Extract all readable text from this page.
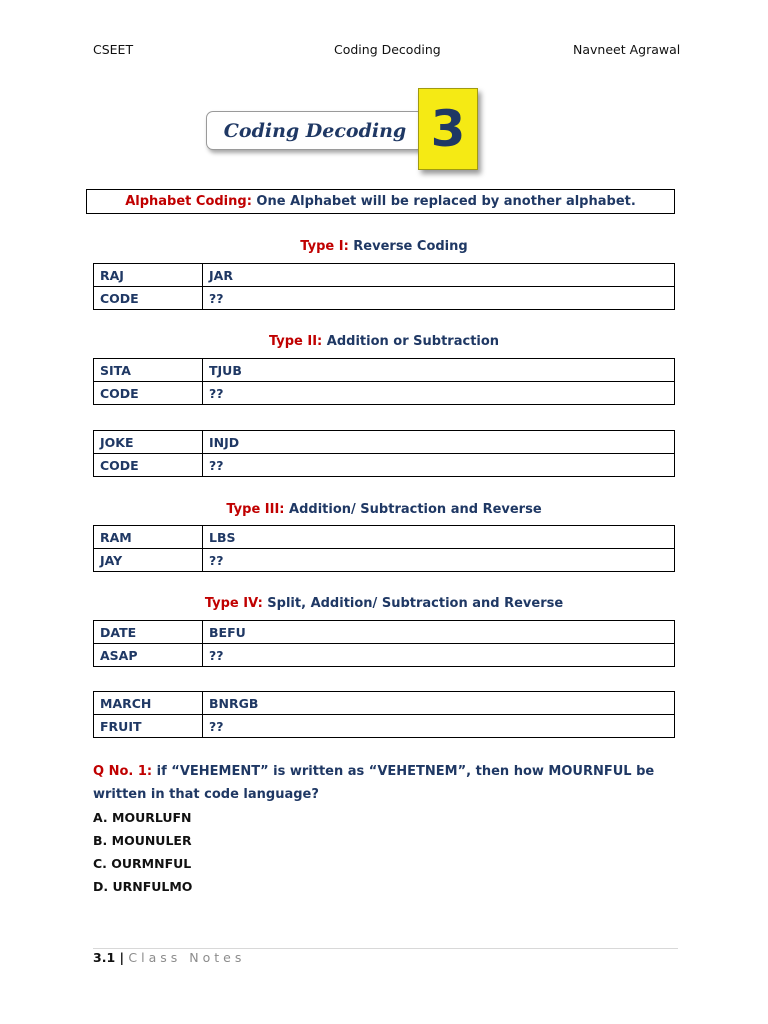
CSEET	Coding Decoding	Navneet Agrawal
Coding Decoding 3
Alphabet Coding: One Alphabet will be replaced by another alphabet.
Type I: Reverse Coding
RAJ	JAR
CODE	??
Type II: Addition or Subtraction
SITA	TJUB
CODE	??
JOKE	INJD
CODE	??
Type III: Addition/ Subtraction and Reverse
RAM	LBS
JAY	??
Type IV: Split, Addition/ Subtraction and Reverse
DATE	BEFU
ASAP	??
MARCH	BNRGB
FRUIT	??
Q No. 1: if “VEHEMENT” is written as “VEHETNEM”, then how MOURNFUL be written in that code language?
A. MOURLUFN
B. MOUNULER
C. OURMNFUL
D. URNFULMO
3.1 | Class Notes
